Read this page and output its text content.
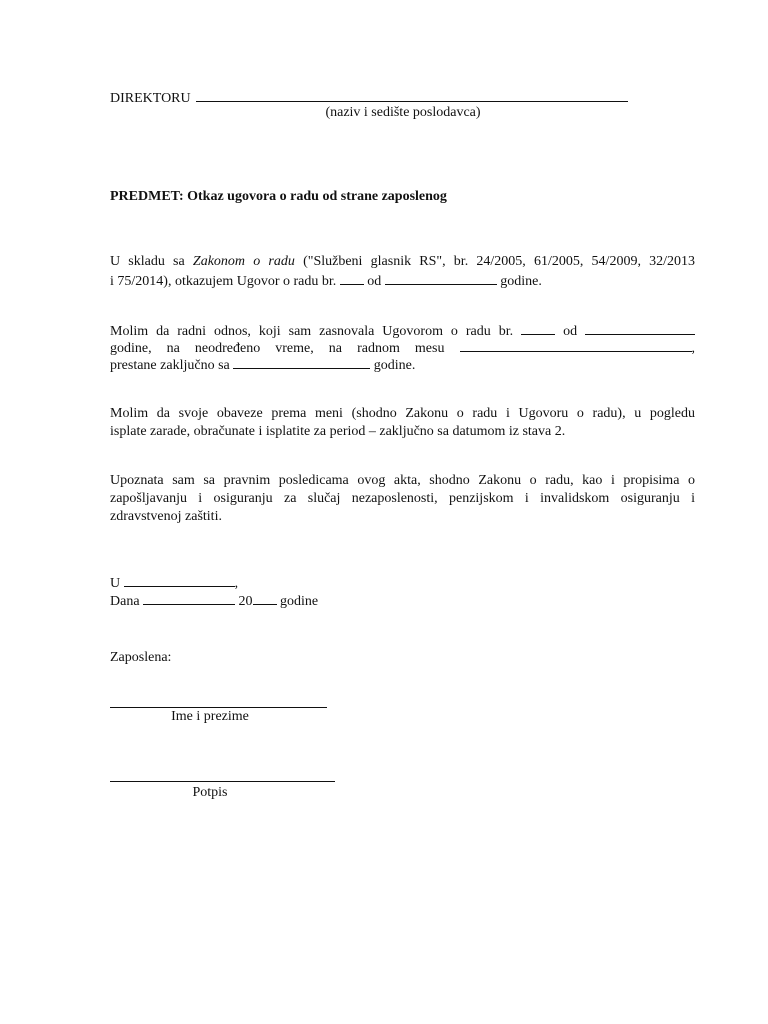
DIREKTORU
(naziv i sedište poslodavca)
PREDMET: Otkaz ugovora o radu od strane zaposlenog
U skladu sa Zakonom o radu ("Službeni glasnik RS", br. 24/2005, 61/2005, 54/2009, 32/2013
i 75/2014), otkazujem Ugovor o radu br. od	godine.
Molim da radni odnos, koji sam zasnovala Ugovorom o radu br.	od
godine, na neodređeno vreme, na radnom mesu	,
prestane zaključno sa	godine.
Molim da svoje obaveze prema meni (shodno Zakonu o radu i Ugovoru o radu), u pogledu
isplate zarade, obračunate i isplatite za period – zaključno sa datumom iz stava 2.
Upoznata sam sa pravnim posledicama ovog akta, shodno Zakonu o radu, kao i propisima o
zapošljavanju i osiguranju za slučaj nezaposlenosti, penzijskom i invalidskom osiguranju i
zdravstvenoj zaštiti.
U	,
Dana	20 godine
Zaposlena:
Ime i prezime
Potpis
